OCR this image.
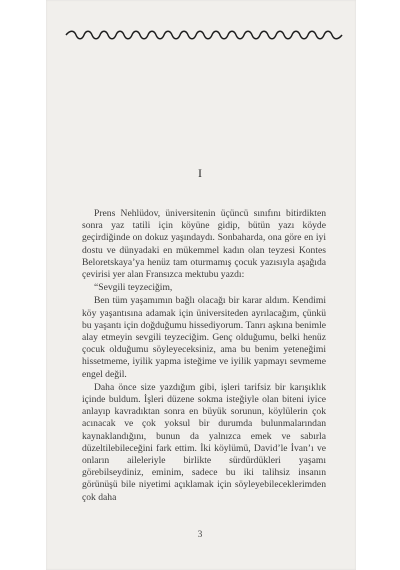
I

Prens Nehlüdov, üniversitenin üçüncü sınıfını bitirdikten sonra yaz tatili için köyüne gidip, bütün yazı köyde geçirdiğinde on dokuz yaşındaydı. Sonbaharda, ona göre en iyi dostu ve dünyadaki en mükemmel kadın olan teyzesi Kontes Beloretskaya’ya henüz tam oturmamış çocuk yazısıyla aşağıda çevirisi yer alan Fransızca mektubu yazdı:

“Sevgili teyzeciğim,

Ben tüm yaşamımın bağlı olacağı bir karar aldım. Kendimi köy yaşantısına adamak için üniversiteden ayrılacağım, çünkü bu yaşantı için doğduğumu hissediyorum. Tanrı aşkına benimle alay etmeyin sevgili teyzeciğim. Genç olduğumu, belki henüz çocuk olduğumu söyleyeceksiniz, ama bu benim yeteneğimi hissetmeme, iyilik yapma isteğime ve iyilik yapmayı sevmeme engel değil.

Daha önce size yazdığım gibi, işleri tarifsiz bir karışıklık içinde buldum. İşleri düzene sokma isteğiyle olan biteni iyice anlayıp kavradıktan sonra en büyük sorunun, köylülerin çok acınacak ve çok yoksul bir durumda bulunmalarından kaynaklandığını, bunun da yalnızca emek ve sabırla düzeltilebileceğini fark ettim. İki köylümü, David’le İvan’ı ve onların aileleriyle birlikte sürdürdükleri yaşamı görebilseydiniz, eminim, sadece bu iki talihsiz insanın görünüşü bile niyetimi açıklamak için söyleyebileceklerimden çok daha

3
